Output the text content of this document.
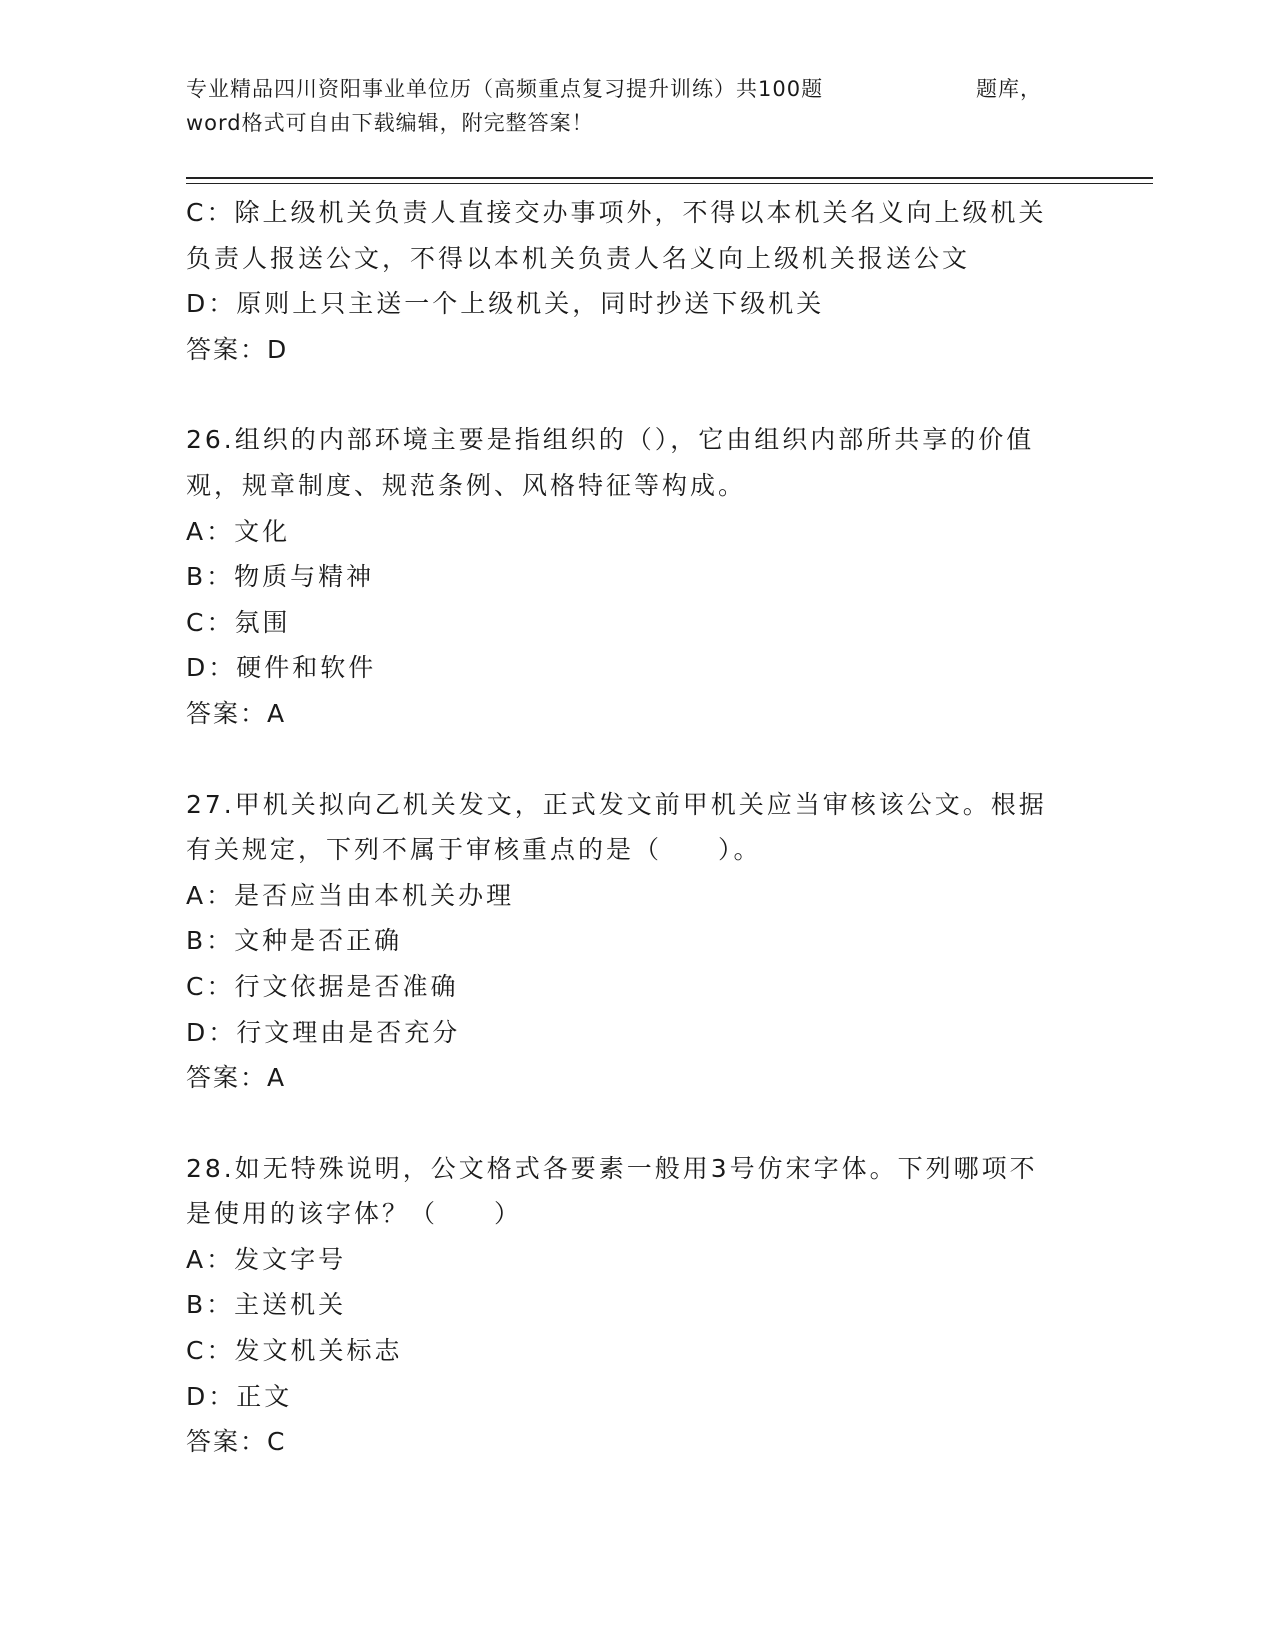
专业精品四川资阳事业单位历（高频重点复习提升训练）共100题	题库，
word格式可自由下载编辑，附完整答案！
C：除上级机关负责人直接交办事项外，不得以本机关名义向上级机关
负责人报送公文，不得以本机关负责人名义向上级机关报送公文
D：原则上只主送一个上级机关，同时抄送下级机关
答案：D
26.组织的内部环境主要是指组织的（），它由组织内部所共享的价值
观，规章制度、规范条例、风格特征等构成。
A：文化
B：物质与精神
C：氛围
D：硬件和软件
答案：A
27.甲机关拟向乙机关发文，正式发文前甲机关应当审核该公文。根据
有关规定，下列不属于审核重点的是（　　）。
A：是否应当由本机关办理
B：文种是否正确
C：行文依据是否准确
D：行文理由是否充分
答案：A
28.如无特殊说明，公文格式各要素一般用3号仿宋字体。下列哪项不
是使用的该字体？（　　）
A：发文字号
B：主送机关
C：发文机关标志
D：正文
答案：C
